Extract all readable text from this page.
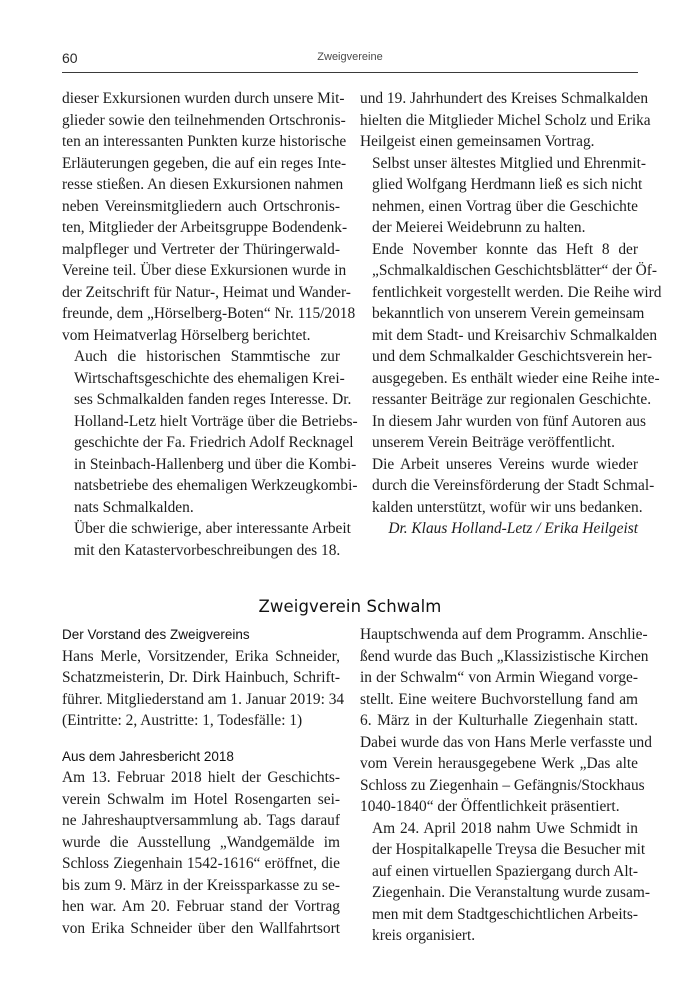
60	Zweigvereine

dieser Exkursionen wurden durch unsere Mit-
glieder sowie den teilnehmenden Ortschronis-
ten an interessanten Punkten kurze historische
Erläuterungen gegeben, die auf ein reges Inte-
resse stießen. An diesen Exkursionen nahmen
neben Vereinsmitgliedern auch Ortschronis-
ten, Mitglieder der Arbeitsgruppe Bodendenk-
malpfleger und Vertreter der Thüringerwald-
Vereine teil. Über diese Exkursionen wurde in
der Zeitschrift für Natur-, Heimat und Wander-
freunde, dem „Hörselberg-Boten“ Nr. 115/2018
vom Heimatverlag Hörselberg berichtet.

Auch die historischen Stammtische zur
Wirtschaftsgeschichte des ehemaligen Krei-
ses Schmalkalden fanden reges Interesse. Dr.
Holland-Letz hielt Vorträge über die Betriebs-
geschichte der Fa. Friedrich Adolf Recknagel
in Steinbach-Hallenberg und über die Kombi-
natsbetriebe des ehemaligen Werkzeugkombi-
nats Schmalkalden.

Über die schwierige, aber interessante Arbeit
mit den Katastervorbeschreibungen des 18.

und 19. Jahrhundert des Kreises Schmalkalden
hielten die Mitglieder Michel Scholz und Erika
Heilgeist einen gemeinsamen Vortrag.

Selbst unser ältestes Mitglied und Ehrenmit-
glied Wolfgang Herdmann ließ es sich nicht
nehmen, einen Vortrag über die Geschichte
der Meierei Weidebrunn zu halten.

Ende November konnte das Heft 8 der
„Schmalkaldischen Geschichtsblätter“ der Öf-
fentlichkeit vorgestellt werden. Die Reihe wird
bekanntlich von unserem Verein gemeinsam
mit dem Stadt- und Kreisarchiv Schmalkalden
und dem Schmalkalder Geschichtsverein her-
ausgegeben. Es enthält wieder eine Reihe inte-
ressanter Beiträge zur regionalen Geschichte.
In diesem Jahr wurden von fünf Autoren aus
unserem Verein Beiträge veröffentlicht.

Die Arbeit unseres Vereins wurde wieder
durch die Vereinsförderung der Stadt Schmal-
kalden unterstützt, wofür wir uns bedanken.

Dr. Klaus Holland-Letz / Erika Heilgeist
Zweigverein Schwalm
Der Vorstand des Zweigvereins

Hans Merle, Vorsitzender, Erika Schneider,
Schatzmeisterin, Dr. Dirk Hainbuch, Schrift-
führer. Mitgliederstand am 1. Januar 2019: 34
(Eintritte: 2, Austritte: 1, Todesfälle: 1)

Aus dem Jahresbericht 2018

Am 13. Februar 2018 hielt der Geschichts-
verein Schwalm im Hotel Rosengarten sei-
ne Jahreshauptversammlung ab. Tags darauf
wurde die Ausstellung „Wandgemälde im
Schloss Ziegenhain 1542-1616“ eröffnet, die
bis zum 9. März in der Kreissparkasse zu se-
hen war. Am 20. Februar stand der Vortrag
von Erika Schneider über den Wallfahrtsort

Hauptschwenda auf dem Programm. Anschlie-
ßend wurde das Buch „Klassizistische Kirchen
in der Schwalm“ von Armin Wiegand vorge-
stellt. Eine weitere Buchvorstellung fand am
6. März in der Kulturhalle Ziegenhain statt.
Dabei wurde das von Hans Merle verfasste und
vom Verein herausgegebene Werk „Das alte
Schloss zu Ziegenhain – Gefängnis/Stockhaus
1040-1840“ der Öffentlichkeit präsentiert.

Am 24. April 2018 nahm Uwe Schmidt in
der Hospitalkapelle Treysa die Besucher mit
auf einen virtuellen Spaziergang durch Alt-
Ziegenhain. Die Veranstaltung wurde zusam-
men mit dem Stadtgeschichtlichen Arbeits-
kreis organisiert.
